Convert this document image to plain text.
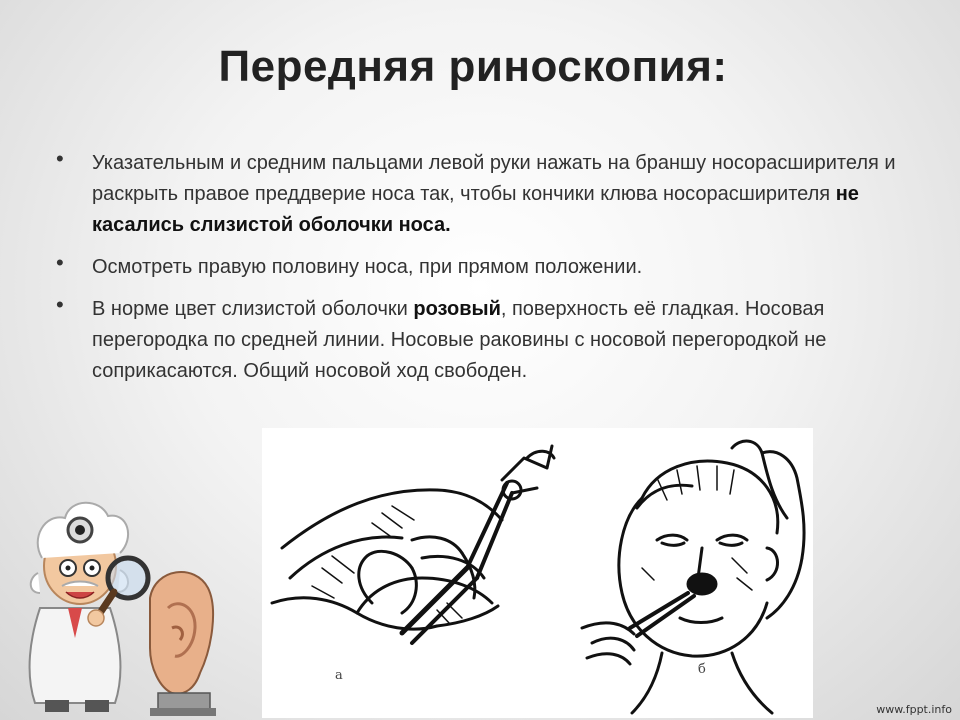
Передняя риноскопия:
• Указательным и средним пальцами левой руки нажать на браншу носорасширителя и раскрыть правое преддверие носа так, чтобы кончики клюва носорасширителя не касались слизистой оболочки носа.
• Осмотреть правую половину носа, при прямом положении.
• В норме цвет слизистой оболочки розовый, поверхность её гладкая. Носовая перегородка по средней линии. Носовые раковины с носовой перегородкой не соприкасаются. Общий носовой ход свободен.
а	б
www.fppt.info
